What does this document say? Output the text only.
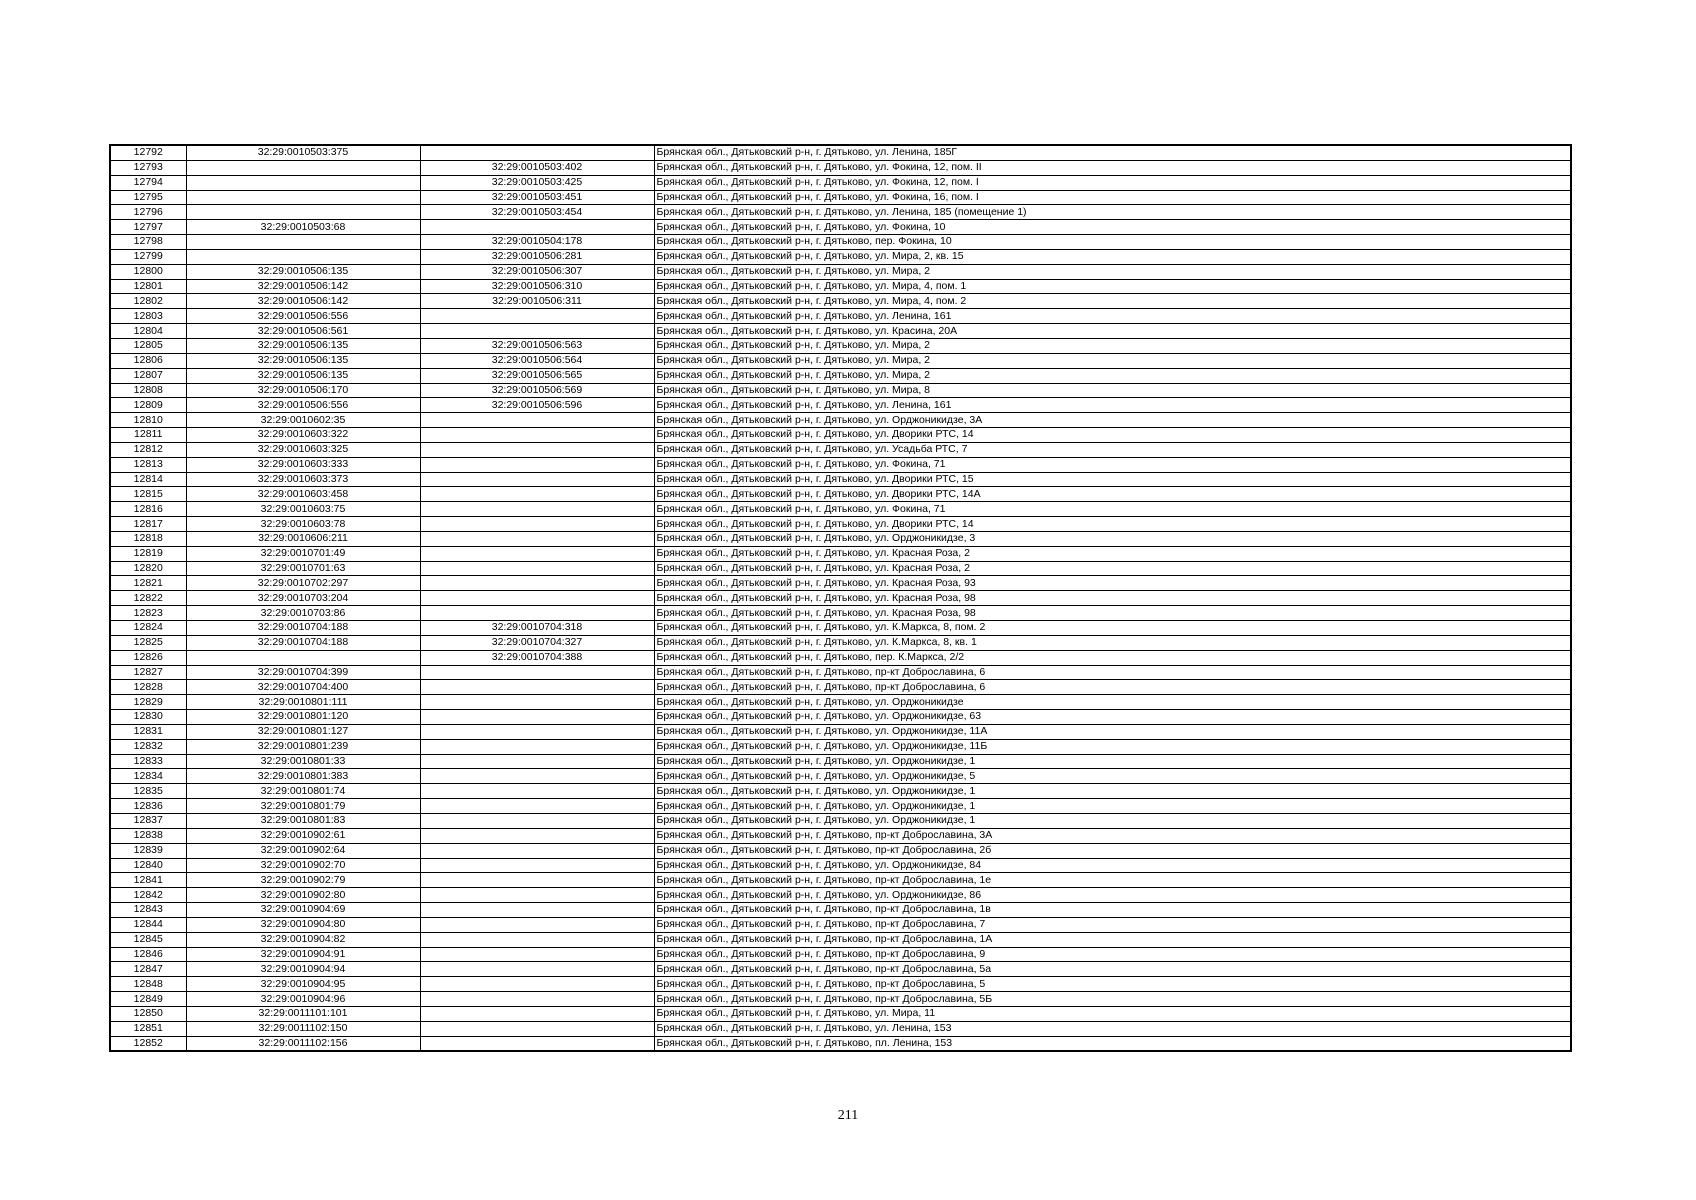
12792	32:29:0010503:375		Брянская обл., Дятьковский р-н, г. Дятьково, ул. Ленина, 185Г
12793		32:29:0010503:402	Брянская обл., Дятьковский р-н, г. Дятьково, ул. Фокина, 12, пом. II
12794		32:29:0010503:425	Брянская обл., Дятьковский р-н, г. Дятьково, ул. Фокина, 12, пом. I
12795		32:29:0010503:451	Брянская обл., Дятьковский р-н, г. Дятьково, ул. Фокина, 16, пом. I
12796		32:29:0010503:454	Брянская обл., Дятьковский р-н, г. Дятьково, ул. Ленина, 185 (помещение 1)
12797	32:29:0010503:68		Брянская обл., Дятьковский р-н, г. Дятьково, ул. Фокина, 10
12798		32:29:0010504:178	Брянская обл., Дятьковский р-н, г. Дятьково, пер. Фокина, 10
12799		32:29:0010506:281	Брянская обл., Дятьковский р-н, г. Дятьково, ул. Мира, 2, кв. 15
12800	32:29:0010506:135	32:29:0010506:307	Брянская обл., Дятьковский р-н, г. Дятьково, ул. Мира, 2
12801	32:29:0010506:142	32:29:0010506:310	Брянская обл., Дятьковский р-н, г. Дятьково, ул. Мира, 4, пом. 1
12802	32:29:0010506:142	32:29:0010506:311	Брянская обл., Дятьковский р-н, г. Дятьково, ул. Мира, 4, пом. 2
12803	32:29:0010506:556		Брянская обл., Дятьковский р-н, г. Дятьково, ул. Ленина, 161
12804	32:29:0010506:561		Брянская обл., Дятьковский р-н, г. Дятьково, ул. Красина, 20А
12805	32:29:0010506:135	32:29:0010506:563	Брянская обл., Дятьковский р-н, г. Дятьково, ул. Мира, 2
12806	32:29:0010506:135	32:29:0010506:564	Брянская обл., Дятьковский р-н, г. Дятьково, ул. Мира, 2
12807	32:29:0010506:135	32:29:0010506:565	Брянская обл., Дятьковский р-н, г. Дятьково, ул. Мира, 2
12808	32:29:0010506:170	32:29:0010506:569	Брянская обл., Дятьковский р-н, г. Дятьково, ул. Мира, 8
12809	32:29:0010506:556	32:29:0010506:596	Брянская обл., Дятьковский р-н, г. Дятьково, ул. Ленина, 161
12810	32:29:0010602:35		Брянская обл., Дятьковский р-н, г. Дятьково, ул. Орджоникидзе, 3А
12811	32:29:0010603:322		Брянская обл., Дятьковский р-н, г. Дятьково, ул. Дворики РТС, 14
12812	32:29:0010603:325		Брянская обл., Дятьковский р-н, г. Дятьково, ул. Усадьба РТС, 7
12813	32:29:0010603:333		Брянская обл., Дятьковский р-н, г. Дятьково, ул. Фокина, 71
12814	32:29:0010603:373		Брянская обл., Дятьковский р-н, г. Дятьково, ул. Дворики РТС, 15
12815	32:29:0010603:458		Брянская обл., Дятьковский р-н, г. Дятьково, ул. Дворики РТС, 14А
12816	32:29:0010603:75		Брянская обл., Дятьковский р-н, г. Дятьково, ул. Фокина, 71
12817	32:29:0010603:78		Брянская обл., Дятьковский р-н, г. Дятьково, ул. Дворики РТС, 14
12818	32:29:0010606:211		Брянская обл., Дятьковский р-н, г. Дятьково, ул. Орджоникидзе, 3
12819	32:29:0010701:49		Брянская обл., Дятьковский р-н, г. Дятьково, ул. Красная Роза, 2
12820	32:29:0010701:63		Брянская обл., Дятьковский р-н, г. Дятьково, ул. Красная Роза, 2
12821	32:29:0010702:297		Брянская обл., Дятьковский р-н, г. Дятьково, ул. Красная Роза, 93
12822	32:29:0010703:204		Брянская обл., Дятьковский р-н, г. Дятьково, ул. Красная Роза, 98
12823	32:29:0010703:86		Брянская обл., Дятьковский р-н, г. Дятьково, ул. Красная Роза, 98
12824	32:29:0010704:188	32:29:0010704:318	Брянская обл., Дятьковский р-н, г. Дятьково, ул. К.Маркса, 8, пом. 2
12825	32:29:0010704:188	32:29:0010704:327	Брянская обл., Дятьковский р-н, г. Дятьково, ул. К.Маркса, 8, кв. 1
12826		32:29:0010704:388	Брянская обл., Дятьковский р-н, г. Дятьково, пер. К.Маркса, 2/2
12827	32:29:0010704:399		Брянская обл., Дятьковский р-н, г. Дятьково, пр-кт Доброславина, 6
12828	32:29:0010704:400		Брянская обл., Дятьковский р-н, г. Дятьково, пр-кт Доброславина, 6
12829	32:29:0010801:111		Брянская обл., Дятьковский р-н, г. Дятьково, ул. Орджоникидзе
12830	32:29:0010801:120		Брянская обл., Дятьковский р-н, г. Дятьково, ул. Орджоникидзе, 63
12831	32:29:0010801:127		Брянская обл., Дятьковский р-н, г. Дятьково, ул. Орджоникидзе, 11А
12832	32:29:0010801:239		Брянская обл., Дятьковский р-н, г. Дятьково, ул. Орджоникидзе, 11Б
12833	32:29:0010801:33		Брянская обл., Дятьковский р-н, г. Дятьково, ул. Орджоникидзе, 1
12834	32:29:0010801:383		Брянская обл., Дятьковский р-н, г. Дятьково, ул. Орджоникидзе, 5
12835	32:29:0010801:74		Брянская обл., Дятьковский р-н, г. Дятьково, ул. Орджоникидзе, 1
12836	32:29:0010801:79		Брянская обл., Дятьковский р-н, г. Дятьково, ул. Орджоникидзе, 1
12837	32:29:0010801:83		Брянская обл., Дятьковский р-н, г. Дятьково, ул. Орджоникидзе, 1
12838	32:29:0010902:61		Брянская обл., Дятьковский р-н, г. Дятьково, пр-кт Доброславина, 3А
12839	32:29:0010902:64		Брянская обл., Дятьковский р-н, г. Дятьково, пр-кт Доброславина, 2б
12840	32:29:0010902:70		Брянская обл., Дятьковский р-н, г. Дятьково, ул. Орджоникидзе, 84
12841	32:29:0010902:79		Брянская обл., Дятьковский р-н, г. Дятьково, пр-кт Доброславина, 1е
12842	32:29:0010902:80		Брянская обл., Дятьковский р-н, г. Дятьково, ул. Орджоникидзе, 86
12843	32:29:0010904:69		Брянская обл., Дятьковский р-н, г. Дятьково, пр-кт Доброславина, 1в
12844	32:29:0010904:80		Брянская обл., Дятьковский р-н, г. Дятьково, пр-кт Доброславина, 7
12845	32:29:0010904:82		Брянская обл., Дятьковский р-н, г. Дятьково, пр-кт Доброславина, 1А
12846	32:29:0010904:91		Брянская обл., Дятьковский р-н, г. Дятьково, пр-кт Доброславина, 9
12847	32:29:0010904:94		Брянская обл., Дятьковский р-н, г. Дятьково, пр-кт Доброславина, 5а
12848	32:29:0010904:95		Брянская обл., Дятьковский р-н, г. Дятьково, пр-кт Доброславина, 5
12849	32:29:0010904:96		Брянская обл., Дятьковский р-н, г. Дятьково, пр-кт Доброславина, 5Б
12850	32:29:0011101:101		Брянская обл., Дятьковский р-н, г. Дятьково, ул. Мира, 11
12851	32:29:0011102:150		Брянская обл., Дятьковский р-н, г. Дятьково, ул. Ленина, 153
12852	32:29:0011102:156		Брянская обл., Дятьковский р-н, г. Дятьково, пл. Ленина, 153
211
